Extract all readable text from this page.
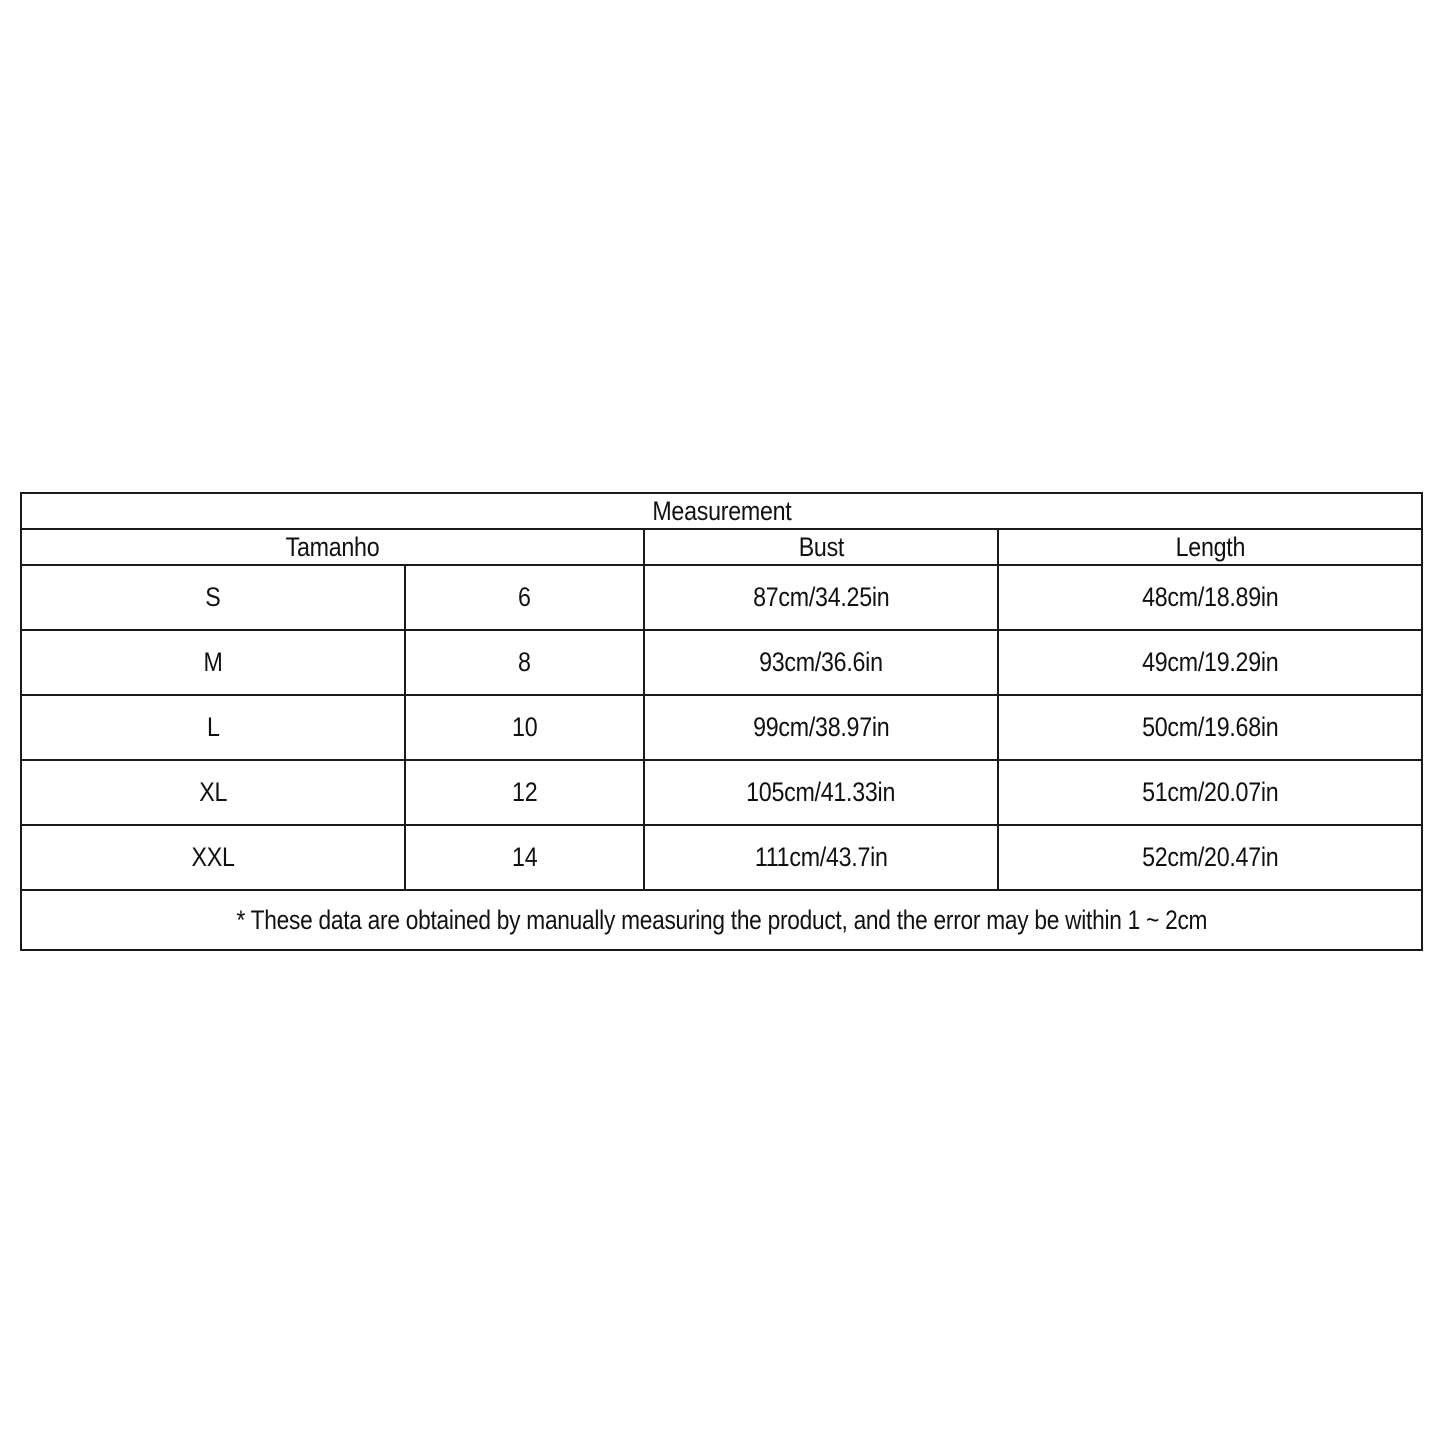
Measurement			
Tamanho		Bust	Length
S	6	87cm/34.25in	48cm/18.89in
M	8	93cm/36.6in	49cm/19.29in
L	10	99cm/38.97in	50cm/19.68in
XL	12	105cm/41.33in	51cm/20.07in
XXL	14	111cm/43.7in	52cm/20.47in
* These data are obtained by manually measuring the product, and the error may be within 1 ~ 2cm			
